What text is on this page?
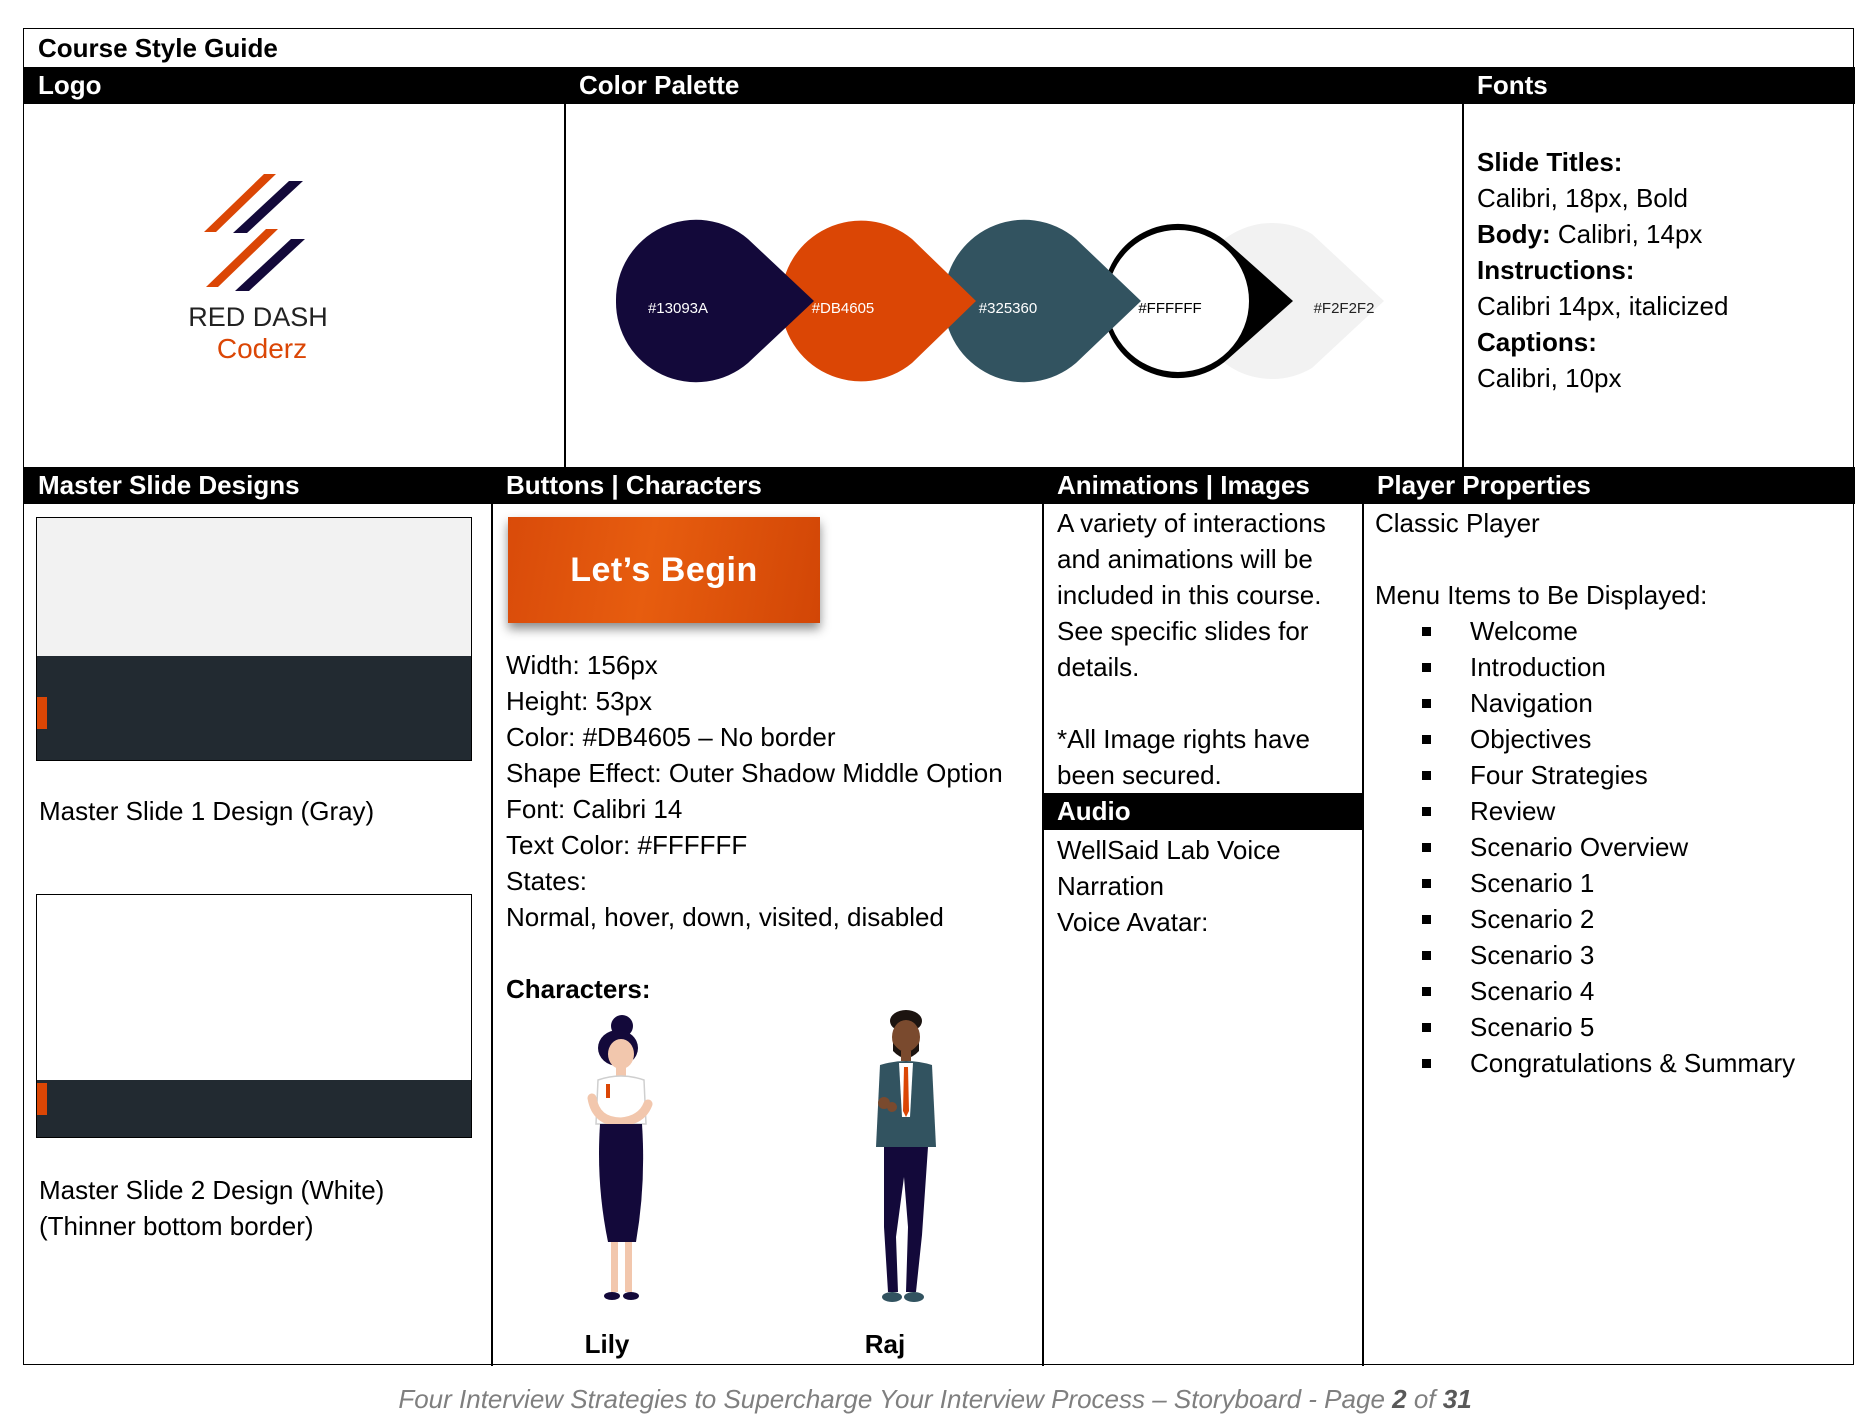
Course Style Guide
Logo	Color Palette	Fonts
Master Slide Designs	Buttons | Characters	Animations | Images	Player Properties
RED DASH
Coderz
#13093A	#DB4605	#325360	#FFFFFF	#F2F2F2
Slide Titles:
Calibri, 18px, Bold
Body: Calibri, 14px
Instructions:
Calibri 14px, italicized
Captions:
Calibri, 10px
Master Slide 1 Design (Gray)
Master Slide 2 Design (White)
(Thinner bottom border)
Let’s Begin
Width: 156px
Height: 53px
Color: #DB4605 – No border
Shape Effect: Outer Shadow Middle Option
Font: Calibri 14
Text Color: #FFFFFF
States:
Normal, hover, down, visited, disabled
Characters:
Lily	Raj
A variety of interactions
and animations will be
included in this course.
See specific slides for
details.
*All Image rights have
been secured.
Audio
WellSaid Lab Voice
Narration
Voice Avatar:
Classic Player
Menu Items to Be Displayed:
Welcome
Introduction
Navigation
Objectives
Four Strategies
Review
Scenario Overview
Scenario 1
Scenario 2
Scenario 3
Scenario 4
Scenario 5
Congratulations & Summary
Four Interview Strategies to Supercharge Your Interview Process – Storyboard - Page 2 of 31
